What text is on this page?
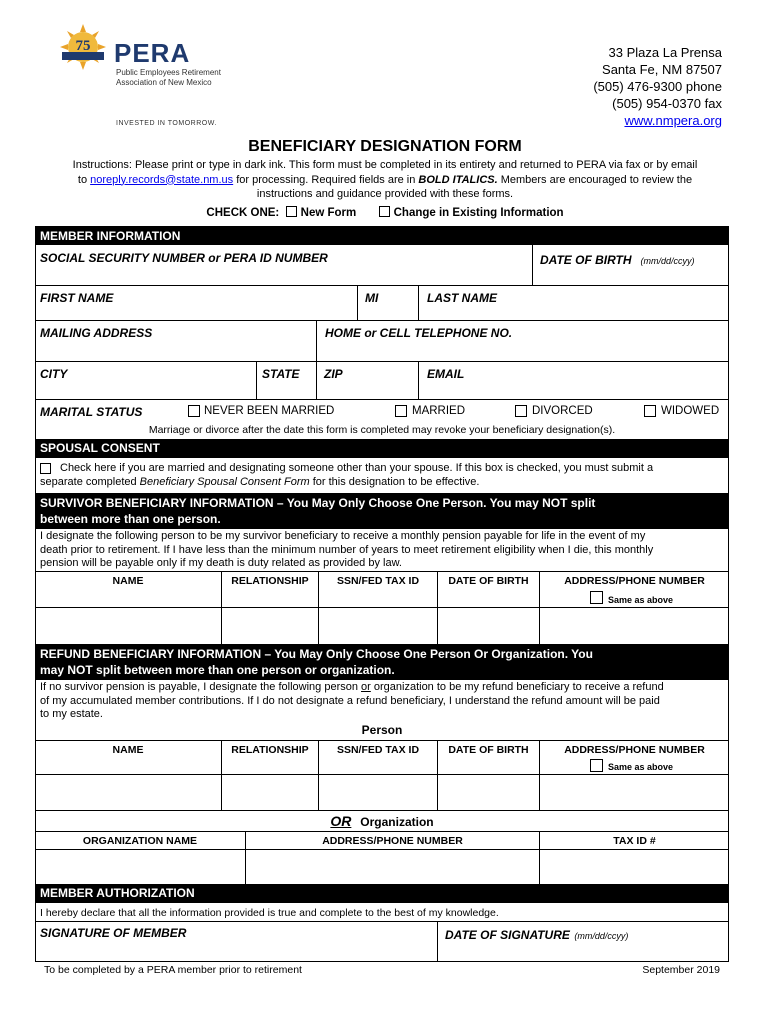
75 PERA
Public Employees Retirement Association of New Mexico
INVESTED IN TOMORROW.
33 Plaza La Prensa
Santa Fe, NM 87507
(505) 476-9300 phone
(505) 954-0370 fax
www.nmpera.org
BENEFICIARY DESIGNATION FORM
Instructions: Please print or type in dark ink. This form must be completed in its entirety and returned to PERA via fax or by email
to noreply.records@state.nm.us for processing. Required fields are in BOLD ITALICS. Members are encouraged to review the
instructions and guidance provided with these forms.
CHECK ONE: New Form	Change in Existing Information
MEMBER INFORMATION
SOCIAL SECURITY NUMBER or PERA ID NUMBER	DATE OF BIRTH (mm/dd/ccyy)
FIRST NAME	MI	LAST NAME
MAILING ADDRESS	HOME or CELL TELEPHONE NO.
CITY	STATE ZIP	EMAIL
MARITAL STATUS	NEVER BEEN MARRIED	MARRIED	DIVORCED	WIDOWED
Marriage or divorce after the date this form is completed may revoke your beneficiary designation(s).
SPOUSAL CONSENT
Check here if you are married and designating someone other than your spouse. If this box is checked, you must submit a
separate completed Beneficiary Spousal Consent Form for this designation to be effective.
SURVIVOR BENEFICIARY INFORMATION – You May Only Choose One Person. You may NOT split
between more than one person.
I designate the following person to be my survivor beneficiary to receive a monthly pension payable for life in the event of my
death prior to retirement. If I have less than the minimum number of years to meet retirement eligibility when I die, this monthly
pension will be payable only if my death is duty related as provided by law.
NAME	RELATIONSHIP	SSN/FED TAX ID	DATE OF BIRTH	ADDRESS/PHONE NUMBER
Same as above
REFUND BENEFICIARY INFORMATION – You May Only Choose One Person Or Organization. You
may NOT split between more than one person or organization.
If no survivor pension is payable, I designate the following person or organization to be my refund beneficiary to receive a refund
of my accumulated member contributions. If I do not designate a refund beneficiary, I understand the refund amount will be paid
to my estate.
Person
NAME	RELATIONSHIP	SSN/FED TAX ID	DATE OF BIRTH	ADDRESS/PHONE NUMBER
Same as above
OR Organization
ORGANIZATION NAME	ADDRESS/PHONE NUMBER	TAX ID #
MEMBER AUTHORIZATION
I hereby declare that all the information provided is true and complete to the best of my knowledge.
SIGNATURE OF MEMBER	DATE OF SIGNATURE (mm/dd/ccyy)
To be completed by a PERA member prior to retirement	September 2019
